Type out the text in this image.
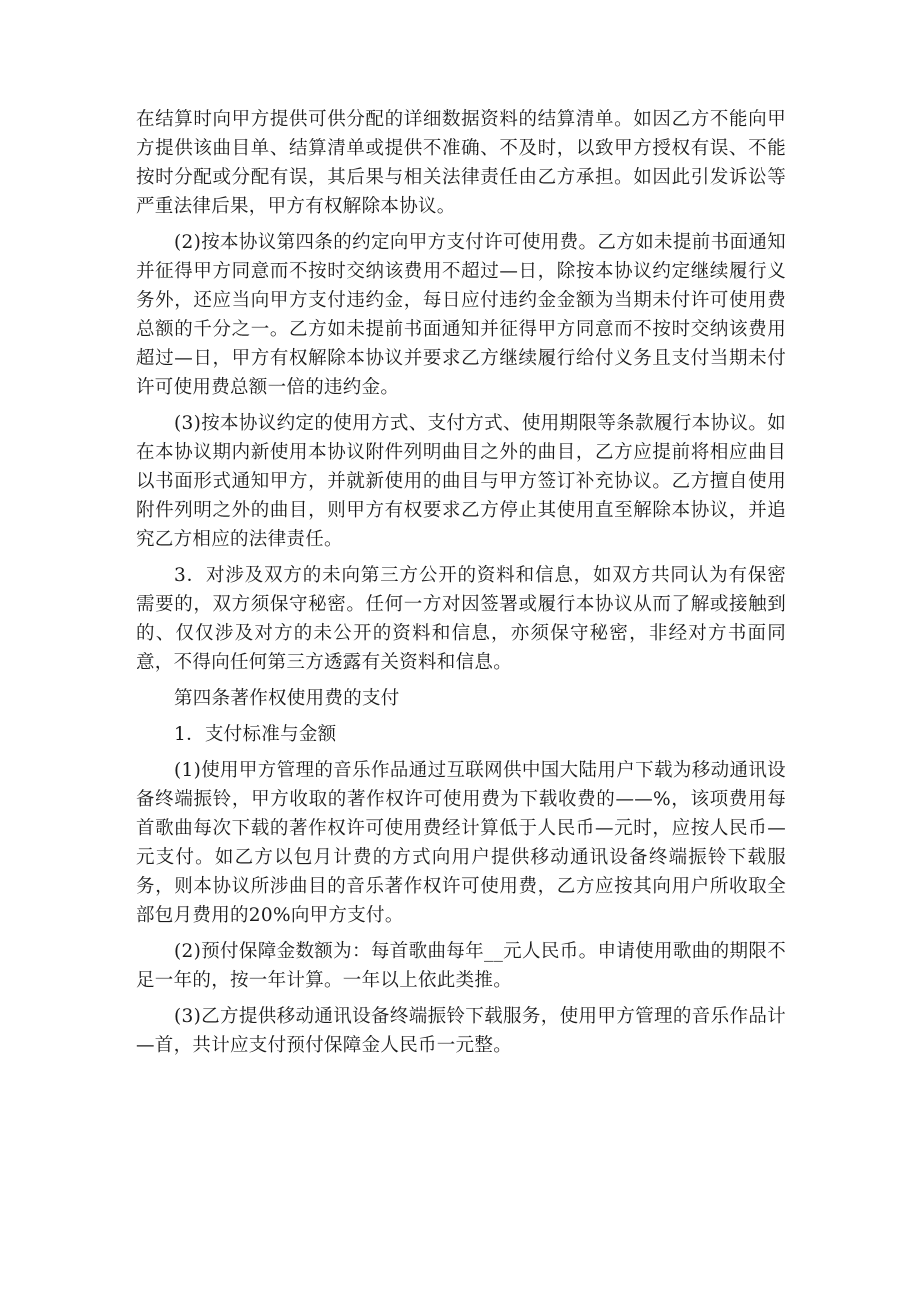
在结算时向甲方提供可供分配的详细数据资料的结算清单。如因乙方不能向甲方提供该曲目单、结算清单或提供不准确、不及时，以致甲方授权有误、不能按时分配或分配有误，其后果与相关法律责任由乙方承担。如因此引发诉讼等严重法律后果，甲方有权解除本协议。

(2)按本协议第四条的约定向甲方支付许可使用费。乙方如未提前书面通知并征得甲方同意而不按时交纳该费用不超过—日，除按本协议约定继续履行义务外，还应当向甲方支付违约金，每日应付违约金金额为当期未付许可使用费总额的千分之一。乙方如未提前书面通知并征得甲方同意而不按时交纳该费用超过—日，甲方有权解除本协议并要求乙方继续履行给付义务且支付当期未付许可使用费总额一倍的违约金。

(3)按本协议约定的使用方式、支付方式、使用期限等条款履行本协议。如在本协议期内新使用本协议附件列明曲目之外的曲目，乙方应提前将相应曲目以书面形式通知甲方，并就新使用的曲目与甲方签订补充协议。乙方擅自使用附件列明之外的曲目，则甲方有权要求乙方停止其使用直至解除本协议，并追究乙方相应的法律责任。

3．对涉及双方的未向第三方公开的资料和信息，如双方共同认为有保密需要的，双方须保守秘密。任何一方对因签署或履行本协议从而了解或接触到的、仅仅涉及对方的未公开的资料和信息，亦须保守秘密，非经对方书面同意，不得向任何第三方透露有关资料和信息。

第四条著作权使用费的支付

1．支付标准与金额

(1)使用甲方管理的音乐作品通过互联网供中国大陆用户下载为移动通讯设备终端振铃，甲方收取的著作权许可使用费为下载收费的——%，该项费用每首歌曲每次下载的著作权许可使用费经计算低于人民币—元时，应按人民币—元支付。如乙方以包月计费的方式向用户提供移动通讯设备终端振铃下载服务，则本协议所涉曲目的音乐著作权许可使用费，乙方应按其向用户所收取全部包月费用的20%向甲方支付。

(2)预付保障金数额为：每首歌曲每年__元人民币。申请使用歌曲的期限不足一年的，按一年计算。一年以上依此类推。

(3)乙方提供移动通讯设备终端振铃下载服务，使用甲方管理的音乐作品计—首，共计应支付预付保障金人民币一元整。
